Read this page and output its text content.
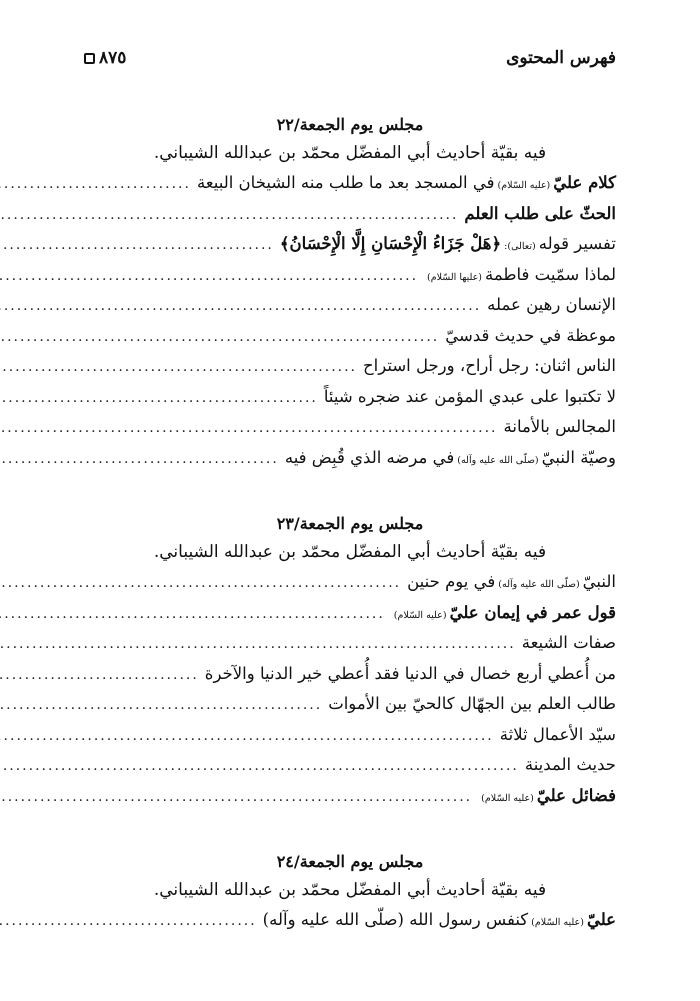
فهرس المحتوى
٨٧٥
مجلس يوم الجمعة/٢٢
فيه بقيّة أحاديث أبي المفضّل محمّد بن عبدالله الشيباني.
كلام عليّ(عليه السّلام)في المسجد بعد ما طلب منه الشيخان البيعة
.....
الحثّ على طلب العلم
.....
تفسير قوله(تعالى):﴿هَلْ جَزَاءُ الْإِحْسَانِ إِلَّا الْإِحْسَانُ﴾
.....
لماذا سمّيت فاطمة(عليها السّلام)
.....
الإنسان رهين عمله
.....
موعظة في حديث قدسيّ
.....
الناس اثنان: رجل أراح، ورجل استراح
.....
لا تكتبوا على عبدي المؤمن عند ضجره شيئاً
.....
المجالس بالأمانة
.....
وصيّة النبيّ(صلّى الله عليه وآله)في مرضه الذي قُبِض فيه
.....
مجلس يوم الجمعة/٢٣
فيه بقيّة أحاديث أبي المفضّل محمّد بن عبدالله الشيباني.
النبيّ(صلّى الله عليه وآله)في يوم حنين
.....
قول عمر في إيمان عليّ(عليه السّلام)
.....
صفات الشيعة
.....
من أُعطي أربع خصال في الدنيا فقد أُعطي خير الدنيا والآخرة
.....
طالب العلم بين الجهّال كالحيّ بين الأموات
.....
سيّد الأعمال ثلاثة
.....
حديث المدينة
.....
فضائل عليّ(عليه السّلام)
.....
مجلس يوم الجمعة/٢٤
فيه بقيّة أحاديث أبي المفضّل محمّد بن عبدالله الشيباني.
عليّ(عليه السّلام)كنفس رسول الله (صلّى الله عليه وآله)
.....
